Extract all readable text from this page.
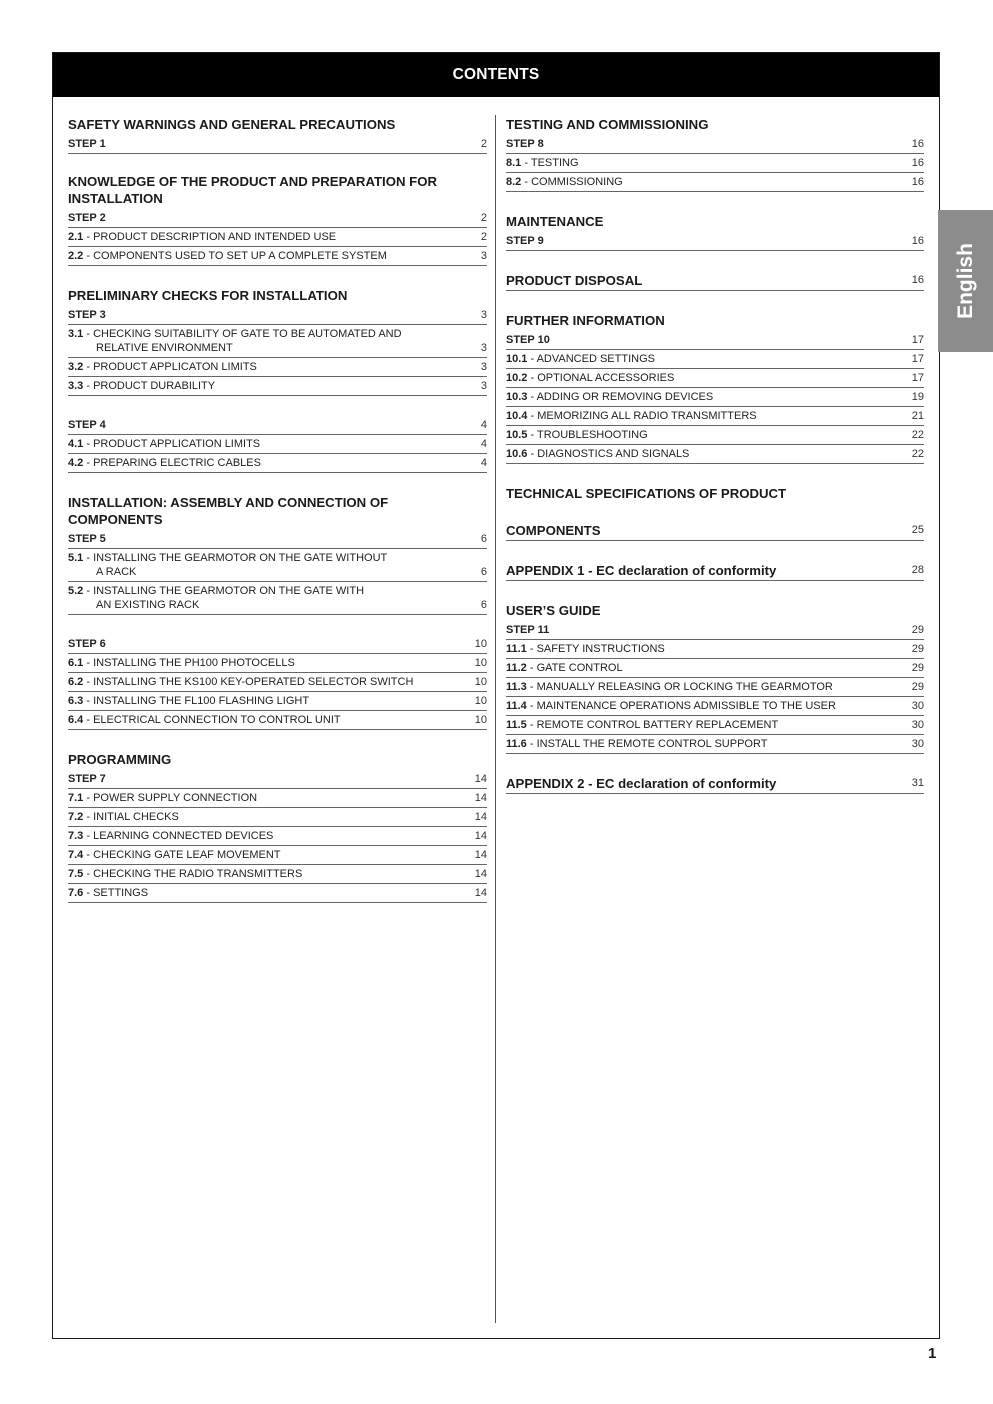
CONTENTS
SAFETY WARNINGS AND GENERAL PRECAUTIONS
STEP 1	2
KNOWLEDGE OF THE PRODUCT AND PREPARATION FOR
INSTALLATION
STEP 2	2
2.1 - PRODUCT DESCRIPTION AND INTENDED USE	2
2.2 - COMPONENTS USED TO SET UP A COMPLETE SYSTEM	3
PRELIMINARY CHECKS FOR INSTALLATION
STEP 3	3
3.1 - CHECKING SUITABILITY OF GATE TO BE AUTOMATED AND
RELATIVE ENVIRONMENT	3
3.2 - PRODUCT APPLICATON LIMITS	3
3.3 - PRODUCT DURABILITY	3
STEP 4	4
4.1 - PRODUCT APPLICATION LIMITS	4
4.2 - PREPARING ELECTRIC CABLES	4
INSTALLATION: ASSEMBLY AND CONNECTION OF
COMPONENTS
STEP 5	6
5.1 - INSTALLING THE GEARMOTOR ON THE GATE WITHOUT
A RACK	6
5.2 - INSTALLING THE GEARMOTOR ON THE GATE WITH
AN EXISTING RACK	6
STEP 6	10
6.1 - INSTALLING THE PH100 PHOTOCELLS	10
6.2 - INSTALLING THE KS100 KEY-OPERATED SELECTOR SWITCH	10
6.3 - INSTALLING THE FL100 FLASHING LIGHT	10
6.4 - ELECTRICAL CONNECTION TO CONTROL UNIT	10
PROGRAMMING
STEP 7	14
7.1 - POWER SUPPLY CONNECTION	14
7.2 - INITIAL CHECKS	14
7.3 - LEARNING CONNECTED DEVICES	14
7.4 - CHECKING GATE LEAF MOVEMENT	14
7.5 - CHECKING THE RADIO TRANSMITTERS	14
7.6 - SETTINGS	14
TESTING AND COMMISSIONING
STEP 8	16
8.1 - TESTING	16
8.2 - COMMISSIONING	16
MAINTENANCE
STEP 9	16
PRODUCT DISPOSAL	16
FURTHER INFORMATION
STEP 10	17
10.1 - ADVANCED SETTINGS	17
10.2 - OPTIONAL ACCESSORIES	17
10.3 - ADDING OR REMOVING DEVICES	19
10.4 - MEMORIZING ALL RADIO TRANSMITTERS	21
10.5 - TROUBLESHOOTING	22
10.6 - DIAGNOSTICS AND SIGNALS	22
TECHNICAL SPECIFICATIONS OF PRODUCT
COMPONENTS	25
APPENDIX 1 - EC declaration of conformity	28
USER’S GUIDE
STEP 11	29
11.1 - SAFETY INSTRUCTIONS	29
11.2 - GATE CONTROL	29
11.3 - MANUALLY RELEASING OR LOCKING THE GEARMOTOR	29
11.4 - MAINTENANCE OPERATIONS ADMISSIBLE TO THE USER	30
11.5 - REMOTE CONTROL BATTERY REPLACEMENT	30
11.6 - INSTALL THE REMOTE CONTROL SUPPORT	30
APPENDIX 2 - EC declaration of conformity	31
English
1
